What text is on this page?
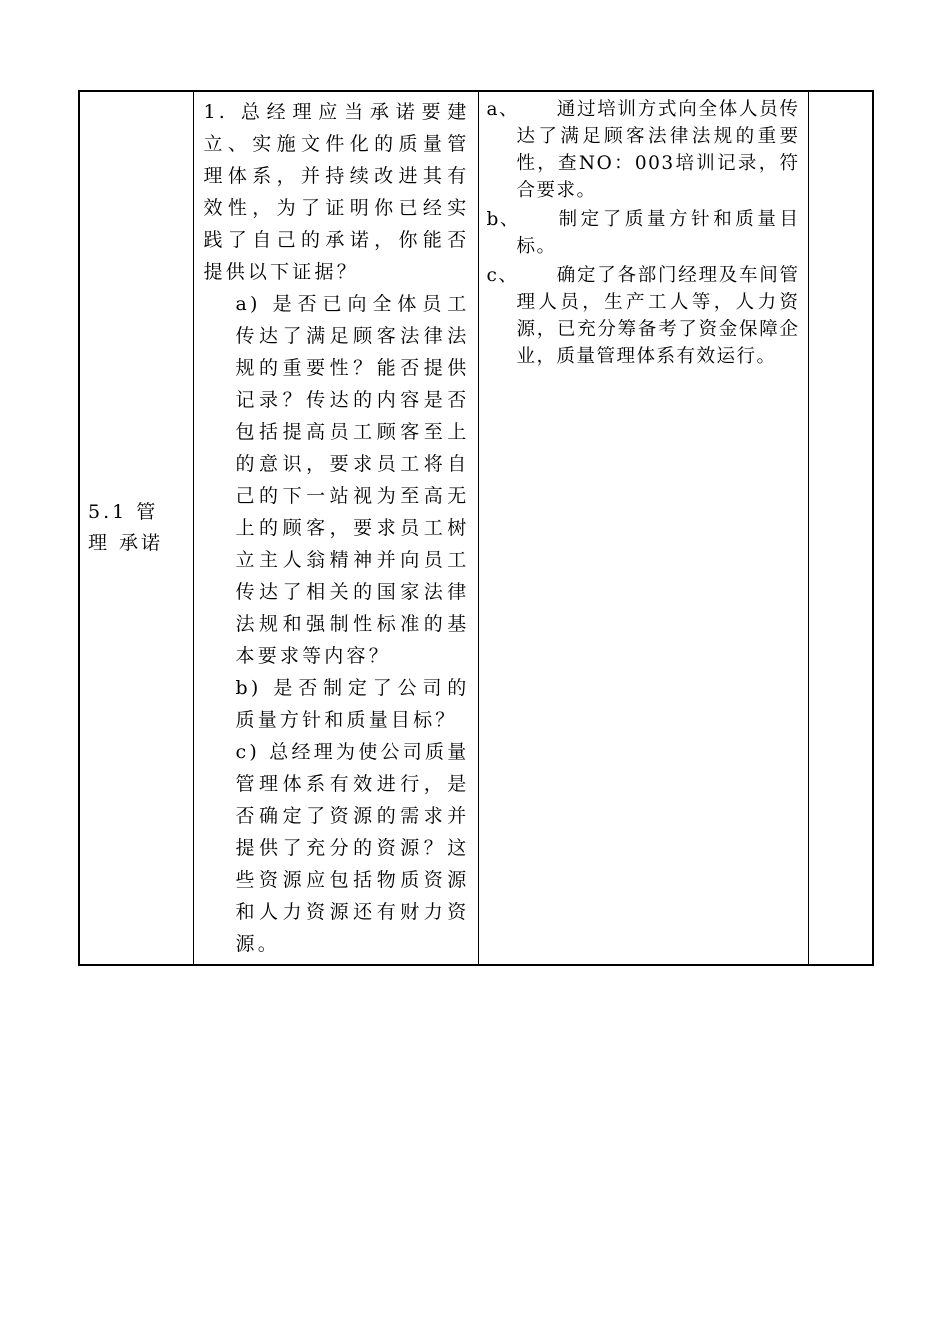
5.1 管 理 承诺

1. 总经理应当承诺要建立、实施文件化的质量管理体系，并持续改进其有效性，为了证明你已经实践了自己的承诺，你能否提供以下证据？
a) 是否已向全体员工传达了满足顾客法律法规的重要性？能否提供记录？传达的内容是否包括提高员工顾客至上的意识，要求员工将自己的下一站视为至高无上的顾客，要求员工树立主人翁精神并向员工传达了相关的国家法律法规和强制性标准的基本要求等内容？
b) 是否制定了公司的质量方针和质量目标？
c) 总经理为使公司质量管理体系有效进行，是否确定了资源的需求并提供了充分的资源？这些资源应包括物质资源和人力资源还有财力资源。

a、	通过培训方式向全体人员传达了满足顾客法律法规的重要性，查NO：003培训记录，符合要求。
b、	制定了质量方针和质量目标。
c、	确定了各部门经理及车间管理人员，生产工人等，人力资源，已充分筹备考了资金保障企业，质量管理体系有效运行。
